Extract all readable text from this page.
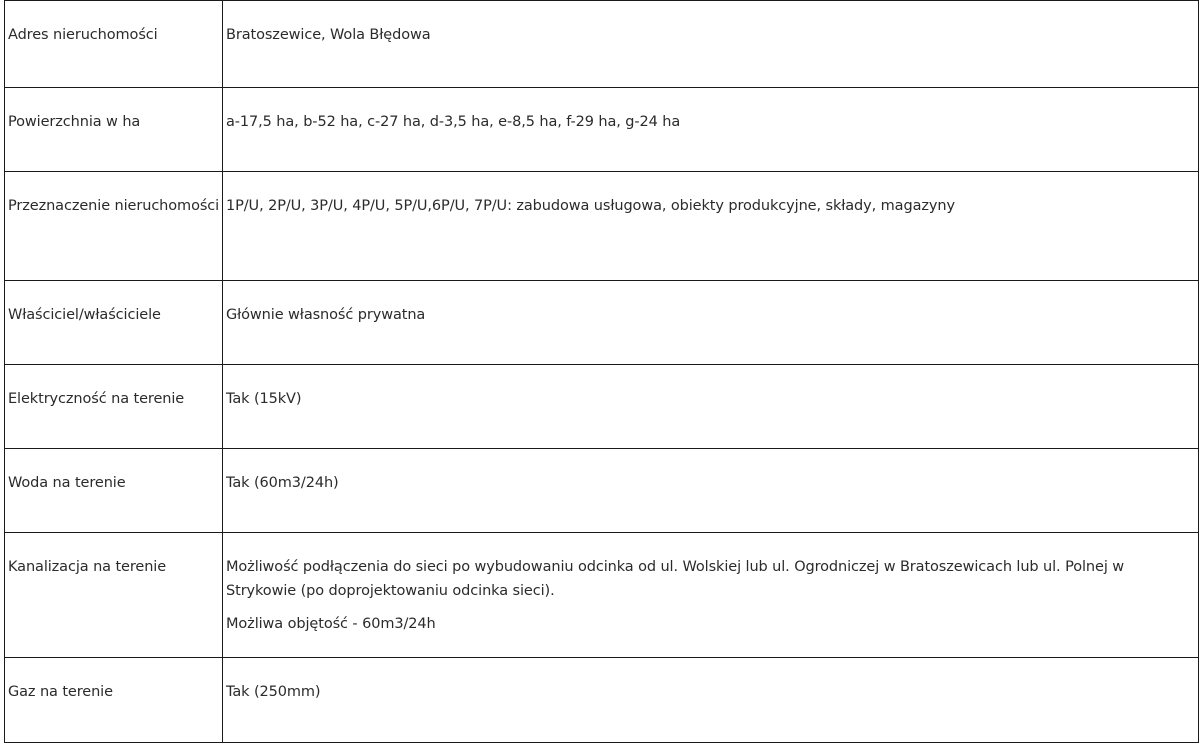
Adres nieruchomości	Bratoszewice, Wola Błędowa

Powierzchnia w ha	a-17,5 ha, b-52 ha, c-27 ha, d-3,5 ha, e-8,5 ha, f-29 ha, g-24 ha

Przeznaczenie nieruchomości	1P/U, 2P/U, 3P/U, 4P/U, 5P/U,6P/U, 7P/U: zabudowa usługowa, obiekty produkcyjne, składy, magazyny

Właściciel/właściciele	Głównie własność prywatna

Elektryczność na terenie	Tak (15kV)

Woda na terenie	Tak (60m3/24h)

Kanalizacja na terenie	Możliwość podłączenia do sieci po wybudowaniu odcinka od ul. Wolskiej lub ul. Ogrodniczej w Bratoszewicach lub ul. Polnej w Strykowie (po doprojektowaniu odcinka sieci).

Możliwa objętość - 60m3/24h

Gaz na terenie	Tak (250mm)
